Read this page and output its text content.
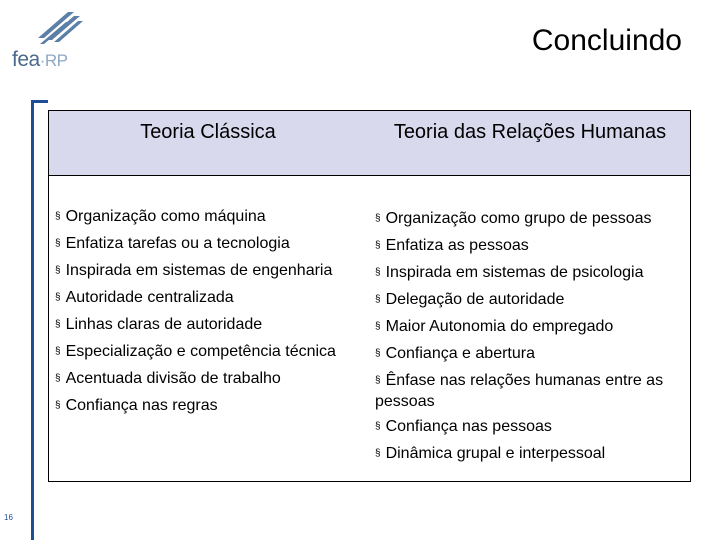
fea·RP
Concluindo
16
Teoria Clássica	Teoria das Relações Humanas
§ Organização como máquina
§ Enfatiza tarefas ou a tecnologia
§ Inspirada em sistemas de engenharia
§ Autoridade centralizada
§ Linhas claras de autoridade
§ Especialização e competência técnica
§ Acentuada divisão de trabalho
§ Confiança nas regras
§ Organização como grupo de pessoas
§ Enfatiza as pessoas
§ Inspirada em sistemas de psicologia
§ Delegação de autoridade
§ Maior Autonomia do empregado
§ Confiança e abertura
§ Ênfase nas relações humanas entre as pessoas
§ Confiança nas pessoas
§ Dinâmica grupal e interpessoal
